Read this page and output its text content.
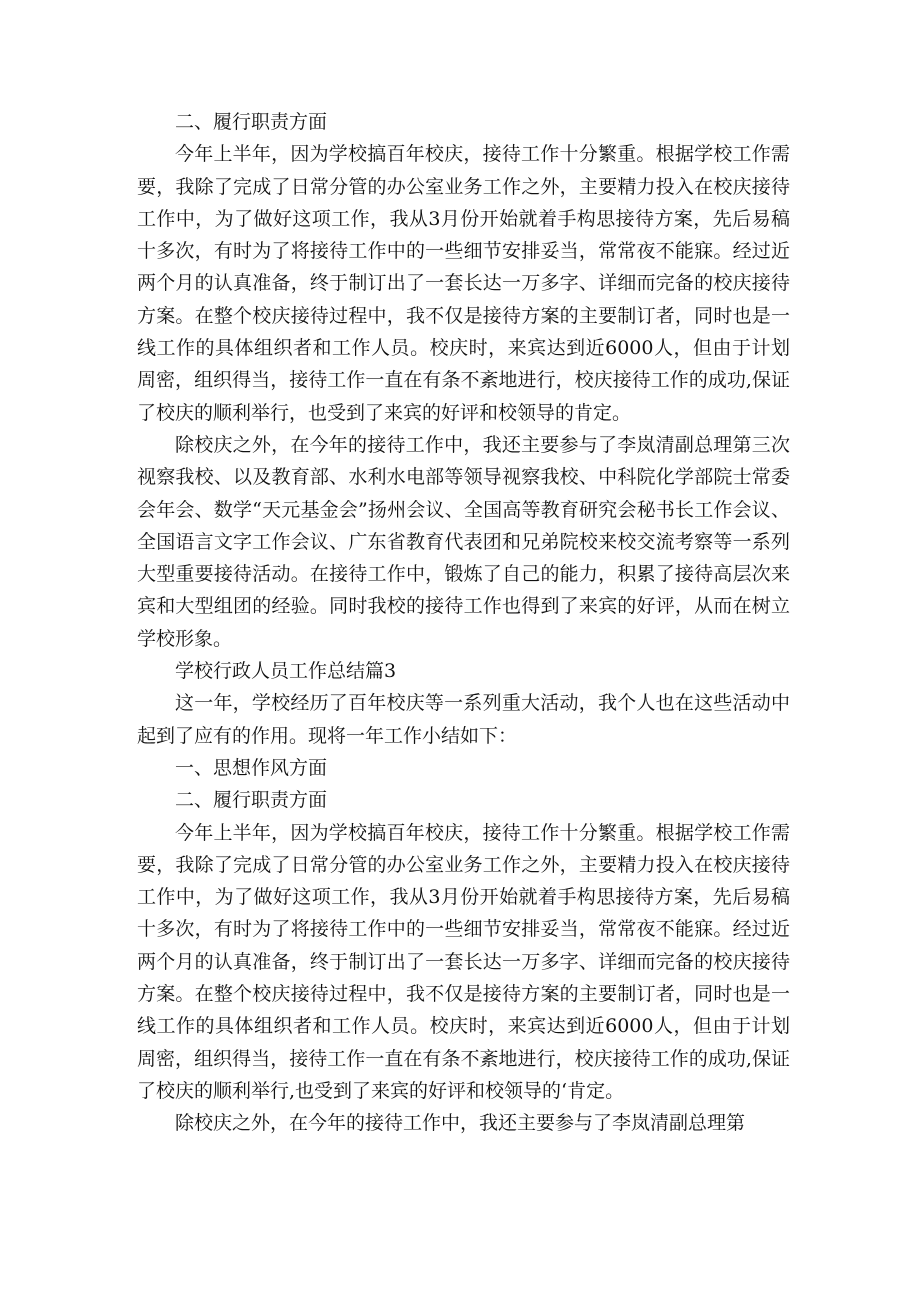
二、履行职责方面

今年上半年，因为学校搞百年校庆，接待工作十分繁重。根据学校工作需要，我除了完成了日常分管的办公室业务工作之外，主要精力投入在校庆接待工作中，为了做好这项工作，我从3月份开始就着手构思接待方案，先后易稿十多次，有时为了将接待工作中的一些细节安排妥当，常常夜不能寐。经过近两个月的认真准备，终于制订出了一套长达一万多字、详细而完备的校庆接待方案。在整个校庆接待过程中，我不仅是接待方案的主要制订者，同时也是一线工作的具体组织者和工作人员。校庆时，来宾达到近6000人，但由于计划周密，组织得当，接待工作一直在有条不紊地进行，校庆接待工作的成功,保证了校庆的顺利举行，也受到了来宾的好评和校领导的肯定。

除校庆之外，在今年的接待工作中，我还主要参与了李岚清副总理第三次视察我校、以及教育部、水利水电部等领导视察我校、中科院化学部院士常委会年会、数学“天元基金会”扬州会议、全国高等教育研究会秘书长工作会议、全国语言文字工作会议、广东省教育代表团和兄弟院校来校交流考察等一系列大型重要接待活动。在接待工作中，锻炼了自己的能力，积累了接待高层次来宾和大型组团的经验。同时我校的接待工作也得到了来宾的好评，从而在树立学校形象。

学校行政人员工作总结篇3

这一年，学校经历了百年校庆等一系列重大活动，我个人也在这些活动中起到了应有的作用。现将一年工作小结如下：

一、思想作风方面

二、履行职责方面

今年上半年，因为学校搞百年校庆，接待工作十分繁重。根据学校工作需要，我除了完成了日常分管的办公室业务工作之外，主要精力投入在校庆接待工作中，为了做好这项工作，我从3月份开始就着手构思接待方案，先后易稿十多次，有时为了将接待工作中的一些细节安排妥当，常常夜不能寐。经过近两个月的认真准备，终于制订出了一套长达一万多字、详细而完备的校庆接待方案。在整个校庆接待过程中，我不仅是接待方案的主要制订者，同时也是一线工作的具体组织者和工作人员。校庆时，来宾达到近6000人，但由于计划周密，组织得当，接待工作一直在有条不紊地进行，校庆接待工作的成功,保证了校庆的顺利举行,也受到了来宾的好评和校领导的‘肯定。

除校庆之外，在今年的接待工作中，我还主要参与了李岚清副总理第
